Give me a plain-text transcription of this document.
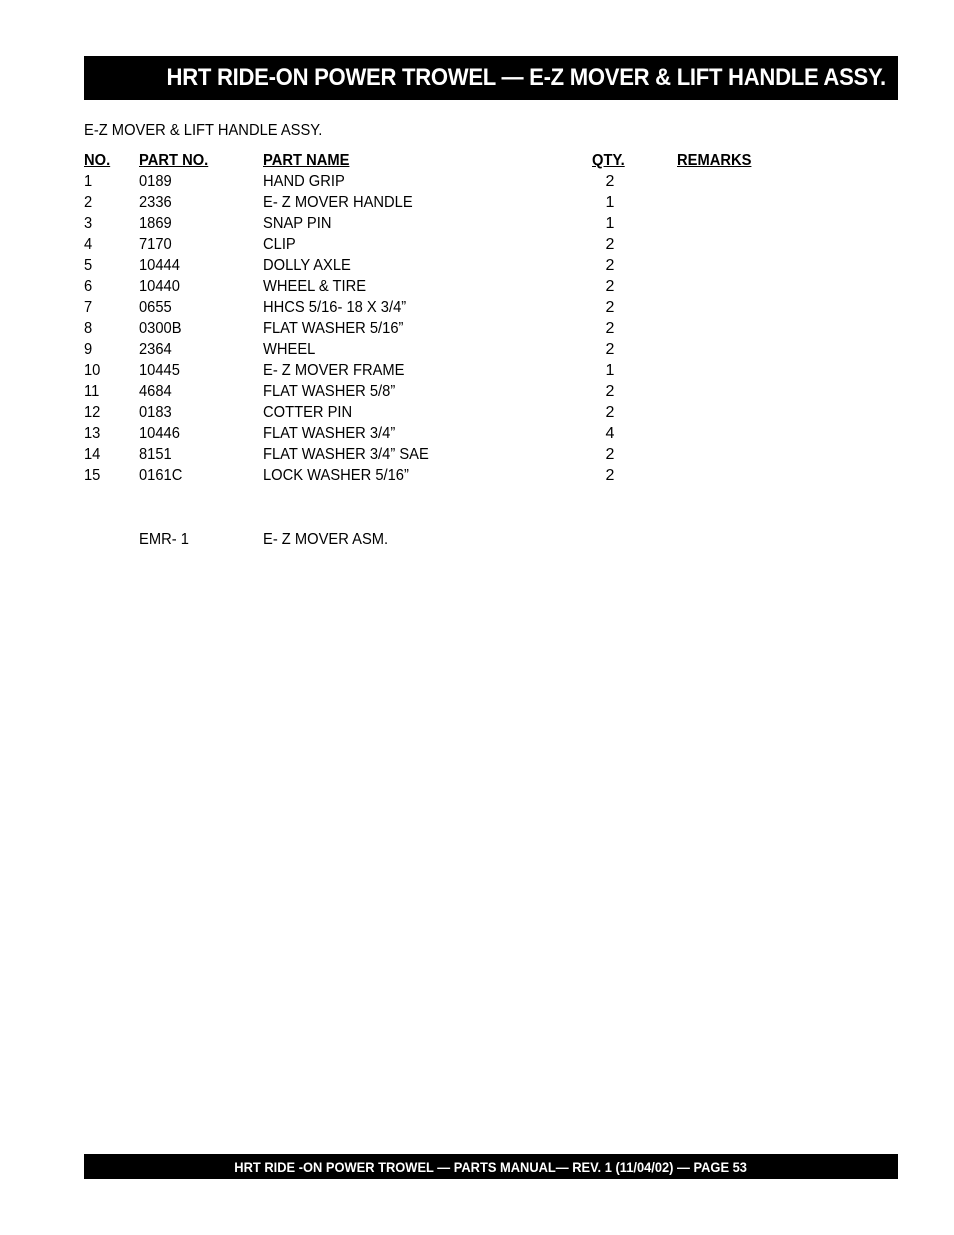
HRT RIDE-ON POWER TROWEL — E-Z MOVER & LIFT HANDLE ASSY.
E-Z MOVER & LIFT HANDLE ASSY.
NO. PART NO.	PART NAME	QTY.	REMARKS
1	0189	HAND GRIP	2
2	2336	E- Z MOVER HANDLE	1
3	1869	SNAP PIN	1
4	7170	CLIP	2
5	10444	DOLLY AXLE	2
6	10440	WHEEL & TIRE	2
7	0655	HHCS 5/16- 18 X 3/4”	2
8	0300B	FLAT WASHER 5/16”	2
9	2364	WHEEL	2
10 10445	E- Z MOVER FRAME	1
11 4684	FLAT WASHER 5/8”	2
12 0183	COTTER PIN	2
13 10446	FLAT WASHER 3/4”	4
14 8151	FLAT WASHER 3/4” SAE	2
15 0161C	LOCK WASHER 5/16”	2
EMR- 1	E- Z MOVER ASM.
HRT RIDE -ON POWER TROWEL — PARTS MANUAL— REV. 1 (11/04/02) — PAGE 53
